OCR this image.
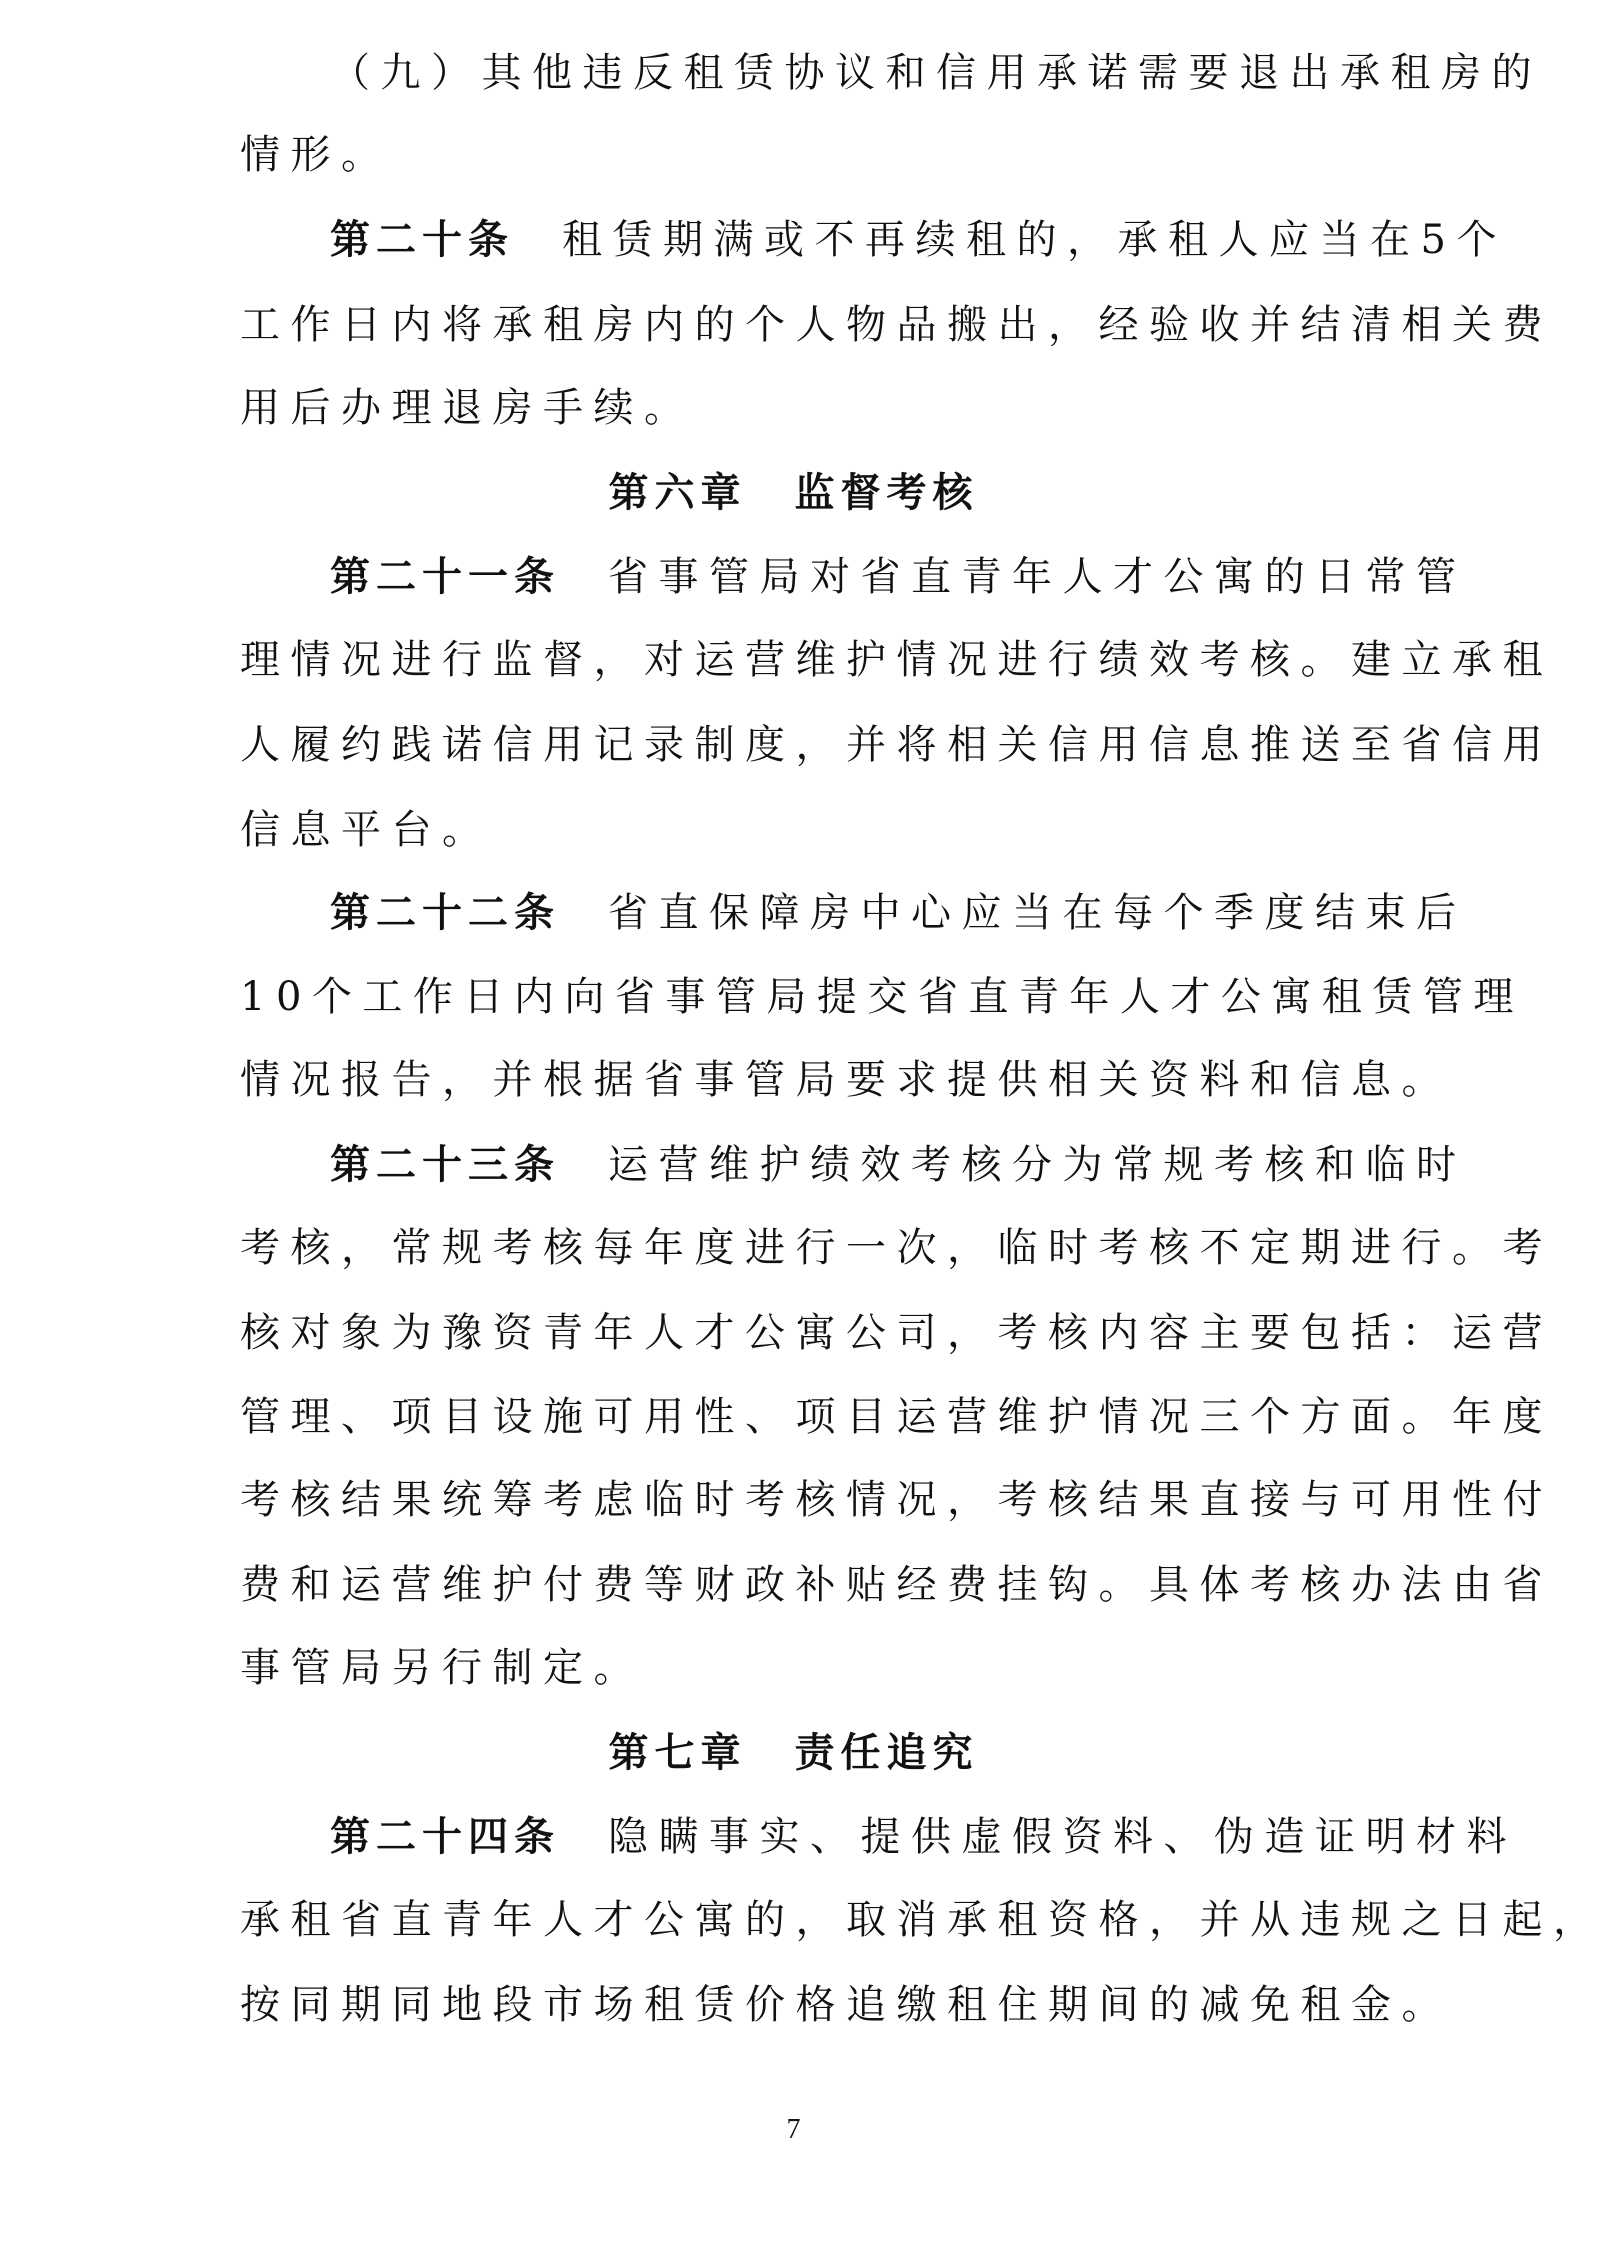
（九）其他违反租赁协议和信用承诺需要退出承租房的
情形。
第二十条 租赁期满或不再续租的，承租人应当在5个
工作日内将承租房内的个人物品搬出，经验收并结清相关费
用后办理退房手续。
第六章 监督考核
第二十一条 省事管局对省直青年人才公寓的日常管
理情况进行监督，对运营维护情况进行绩效考核。建立承租
人履约践诺信用记录制度，并将相关信用信息推送至省信用
信息平台。
第二十二条 省直保障房中心应当在每个季度结束后
10个工作日内向省事管局提交省直青年人才公寓租赁管理
情况报告，并根据省事管局要求提供相关资料和信息。
第二十三条 运营维护绩效考核分为常规考核和临时
考核，常规考核每年度进行一次，临时考核不定期进行。考
核对象为豫资青年人才公寓公司，考核内容主要包括：运营
管理、项目设施可用性、项目运营维护情况三个方面。年度
考核结果统筹考虑临时考核情况，考核结果直接与可用性付
费和运营维护付费等财政补贴经费挂钩。具体考核办法由省
事管局另行制定。
第七章 责任追究
第二十四条 隐瞒事实、提供虚假资料、伪造证明材料
承租省直青年人才公寓的，取消承租资格，并从违规之日起，
按同期同地段市场租赁价格追缴租住期间的减免租金。
7
